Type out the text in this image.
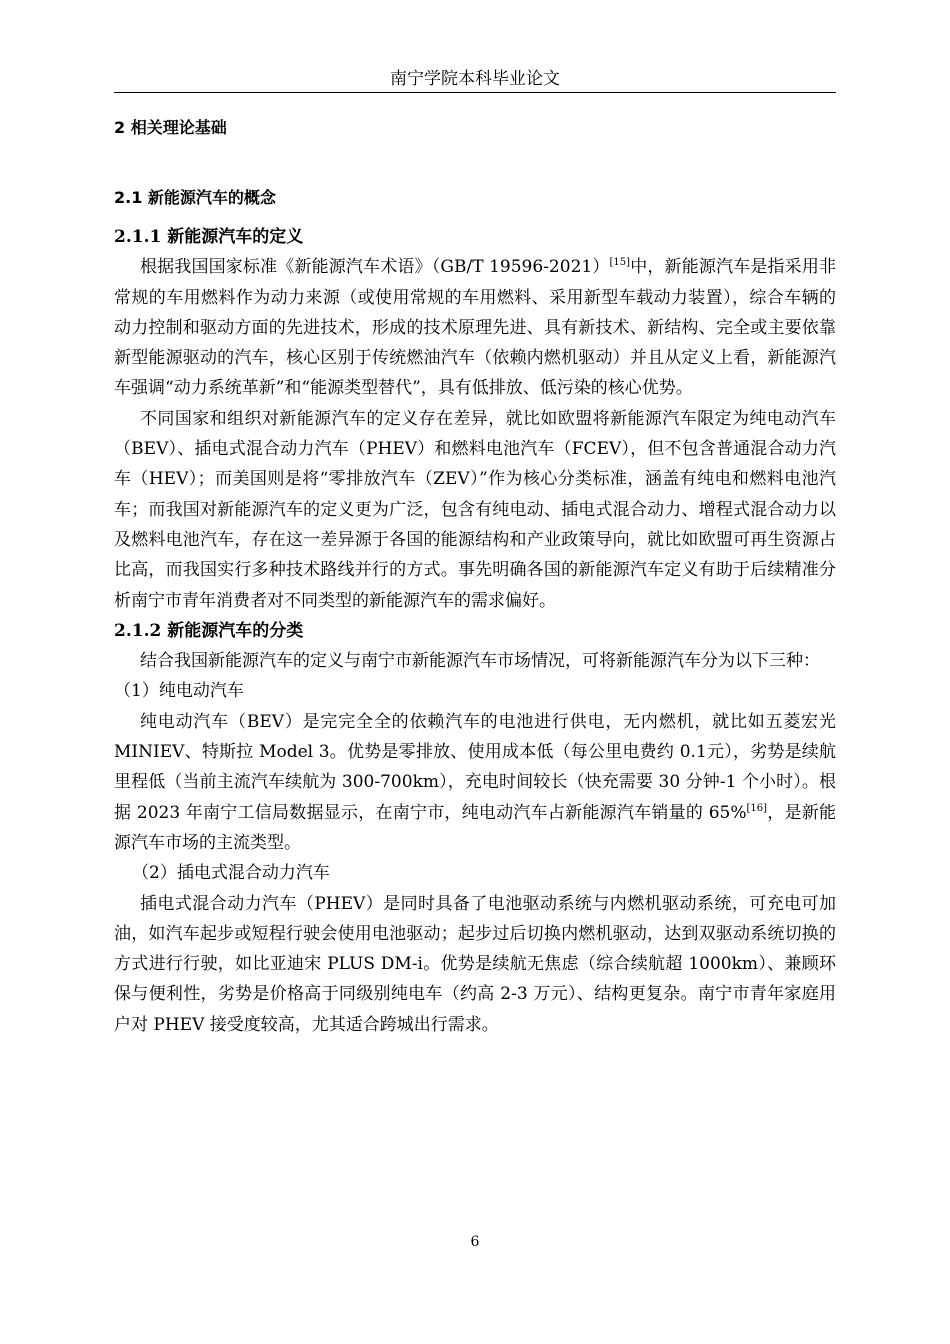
南宁学院本科毕业论文
2 相关理论基础
2.1 新能源汽车的概念
2.1.1 新能源汽车的定义

根据我国国家标准《新能源汽车术语》（GB/T 19596-2021）[15]中，新能源汽车是指采用非常规的车用燃料作为动力来源（或使用常规的车用燃料、采用新型车载动力装置），综合车辆的动力控制和驱动方面的先进技术，形成的技术原理先进、具有新技术、新结构、完全或主要依靠新型能源驱动的汽车，核心区别于传统燃油汽车（依赖内燃机驱动）并且从定义上看，新能源汽车强调“动力系统革新”和“能源类型替代”，具有低排放、低污染的核心优势。

不同国家和组织对新能源汽车的定义存在差异，就比如欧盟将新能源汽车限定为纯电动汽车（BEV）、插电式混合动力汽车（PHEV）和燃料电池汽车（FCEV），但不包含普通混合动力汽车（HEV）；而美国则是将“零排放汽车（ZEV）”作为核心分类标准，涵盖有纯电和燃料电池汽车；而我国对新能源汽车的定义更为广泛，包含有纯电动、插电式混合动力、增程式混合动力以及燃料电池汽车，存在这一差异源于各国的能源结构和产业政策导向，就比如欧盟可再生资源占比高，而我国实行多种技术路线并行的方式。事先明确各国的新能源汽车定义有助于后续精准分析南宁市青年消费者对不同类型的新能源汽车的需求偏好。

2.1.2 新能源汽车的分类

结合我国新能源汽车的定义与南宁市新能源汽车市场情况，可将新能源汽车分为以下三种：

（1）纯电动汽车

纯电动汽车（BEV）是完完全全的依赖汽车的电池进行供电，无内燃机，就比如五菱宏光 MINIEV、特斯拉 Model 3。优势是零排放、使用成本低（每公里电费约 0.1元），劣势是续航里程低（当前主流汽车续航为 300-700km），充电时间较长（快充需要 30 分钟-1 个小时）。根据 2023 年南宁工信局数据显示，在南宁市，纯电动汽车占新能源汽车销量的 65%[16]，是新能源汽车市场的主流类型。

（2）插电式混合动力汽车

插电式混合动力汽车（PHEV）是同时具备了电池驱动系统与内燃机驱动系统，可充电可加油，如汽车起步或短程行驶会使用电池驱动；起步过后切换内燃机驱动，达到双驱动系统切换的方式进行行驶，如比亚迪宋 PLUS DM-i。优势是续航无焦虑（综合续航超 1000km）、兼顾环保与便利性，劣势是价格高于同级别纯电车（约高 2-3 万元）、结构更复杂。南宁市青年家庭用户对 PHEV 接受度较高，尤其适合跨城出行需求。

6
